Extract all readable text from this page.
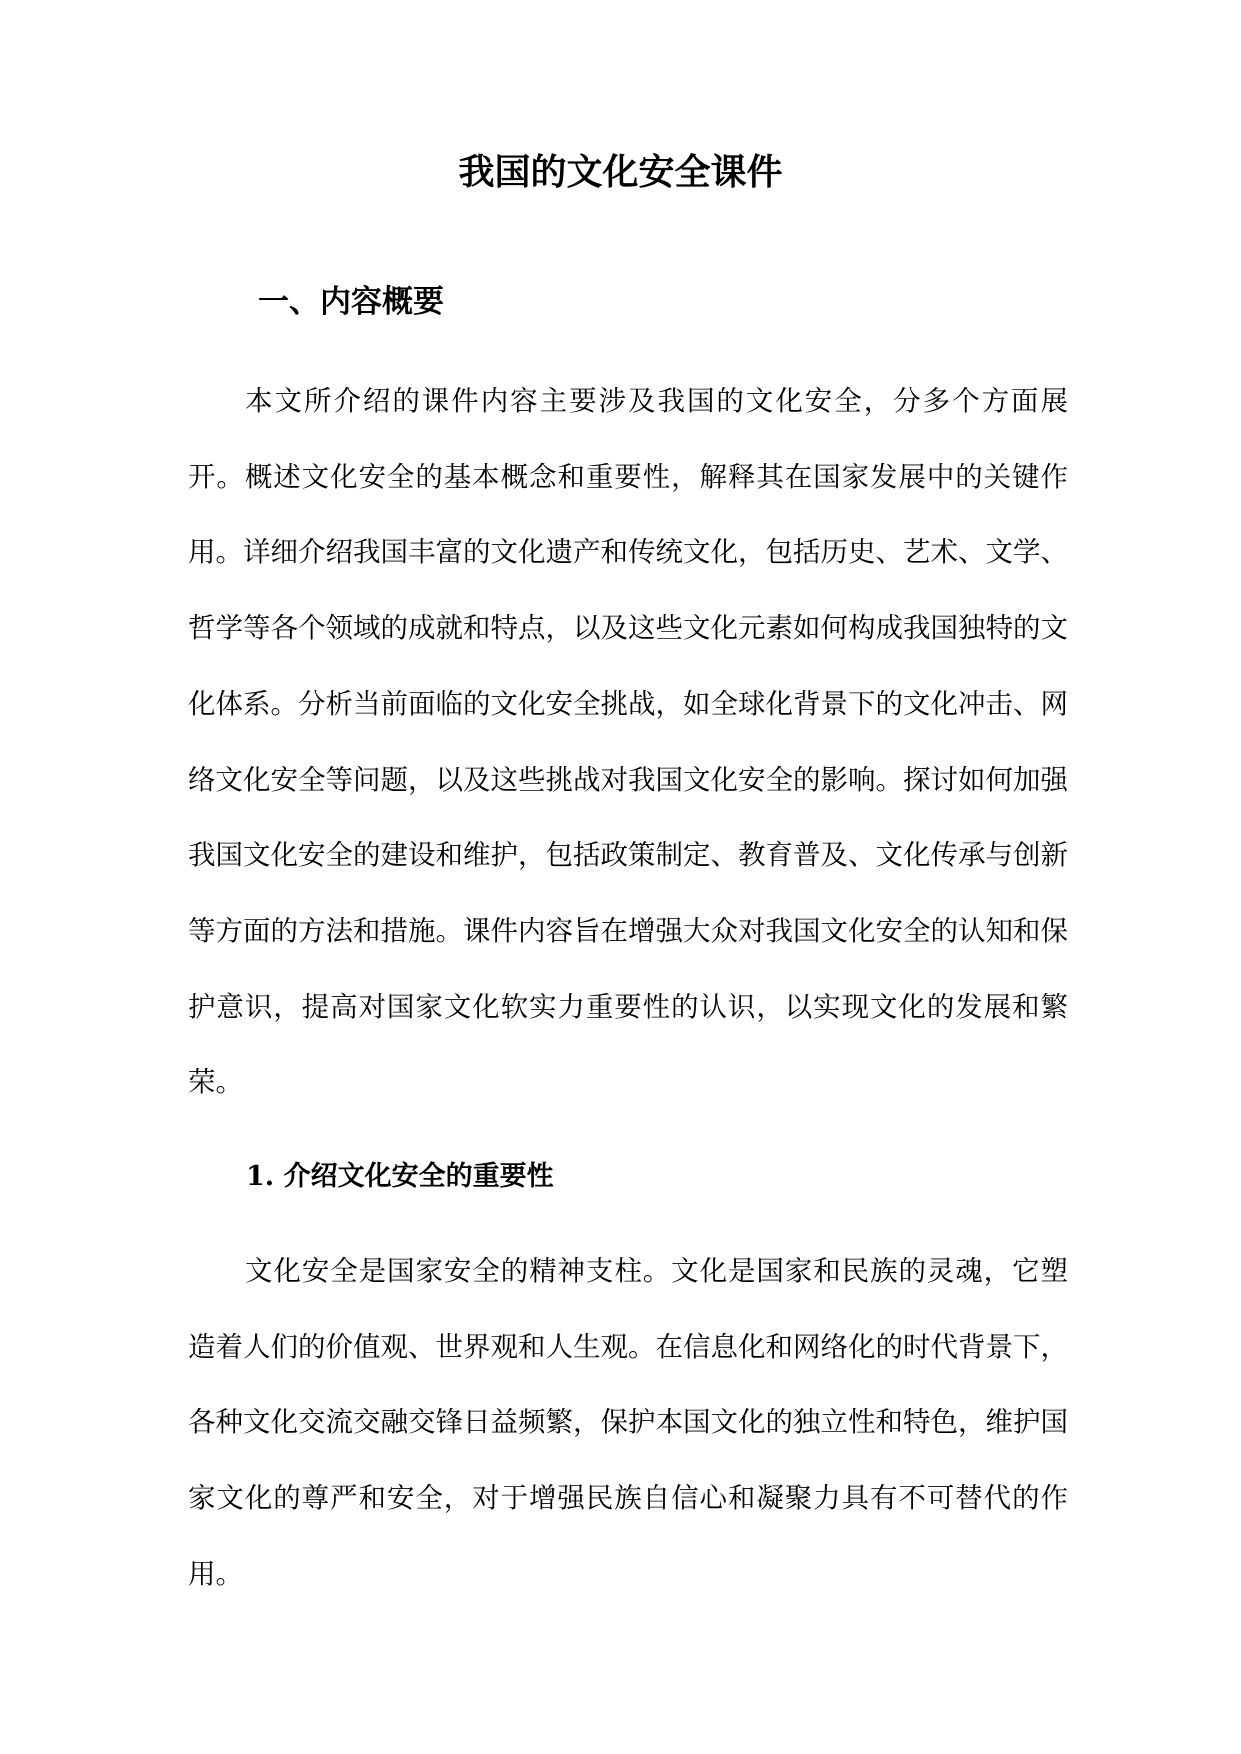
我国的文化安全课件
一、内容概要

本文所介绍的课件内容主要涉及我国的文化安全，分多个方面展开。概述文化安全的基本概念和重要性，解释其在国家发展中的关键作用。详细介绍我国丰富的文化遗产和传统文化，包括历史、艺术、文学、哲学等各个领域的成就和特点，以及这些文化元素如何构成我国独特的文化体系。分析当前面临的文化安全挑战，如全球化背景下的文化冲击、网络文化安全等问题，以及这些挑战对我国文化安全的影响。探讨如何加强我国文化安全的建设和维护，包括政策制定、教育普及、文化传承与创新等方面的方法和措施。课件内容旨在增强大众对我国文化安全的认知和保护意识，提高对国家文化软实力重要性的认识，以实现文化的发展和繁荣。

1. 介绍文化安全的重要性

文化安全是国家安全的精神支柱。文化是国家和民族的灵魂，它塑造着人们的价值观、世界观和人生观。在信息化和网络化的时代背景下，各种文化交流交融交锋日益频繁，保护本国文化的独立性和特色，维护国家文化的尊严和安全，对于增强民族自信心和凝聚力具有不可替代的作用。
